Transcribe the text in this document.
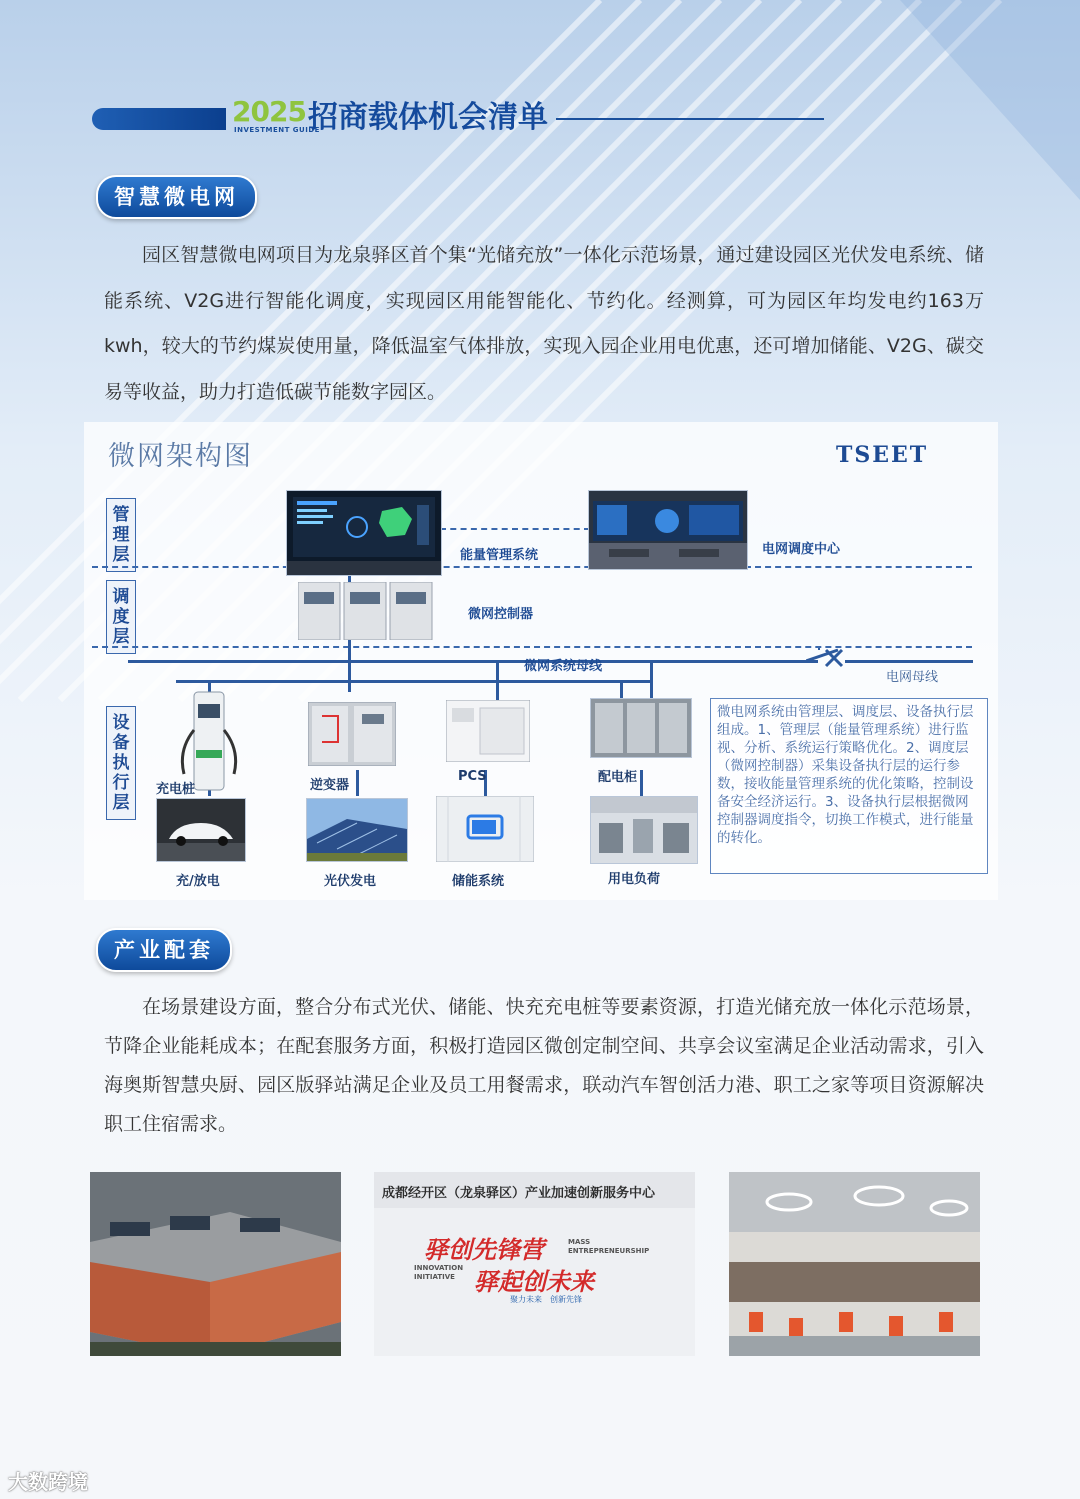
2025
INVESTMENT GUIDE
招商载体机会清单
智慧微电网

园区智慧微电网项目为龙泉驿区首个集“光储充放”一体化示范场景，通过建设园区光伏发电系统、储能系统、V2G进行智能化调度，实现园区用能智能化、节约化。经测算，可为园区年均发电约163万kwh，较大的节约煤炭使用量，降低温室气体排放，实现入园企业用电优惠，还可增加储能、V2G、碳交易等收益，助力打造低碳节能数字园区。

微网架构图	TSEET
管理层
调度层
设备执行层
能量管理系统	电网调度中心
微网控制器
微网系统母线
电网母线
充电桩	逆变器
PCS	配电柜
充/放电	光伏发电	储能系统	用电负荷
微电网系统由管理层、调度层、设备执行层组成。1、管理层（能量管理系统）进行监视、分析、系统运行策略优化。2、调度层（微网控制器）采集设备执行层的运行参数，接收能量管理系统的优化策略，控制设备安全经济运行。3、设备执行层根据微网控制器调度指令，切换工作模式，进行能量的转化。
产业配套

在场景建设方面，整合分布式光伏、储能、快充充电桩等要素资源，打造光储充放一体化示范场景，节降企业能耗成本；在配套服务方面，积极打造园区微创定制空间、共享会议室满足企业活动需求，引入海奥斯智慧央厨、园区版驿站满足企业及员工用餐需求，联动汽车智创活力港、职工之家等项目资源解决职工住宿需求。

成都经开区（龙泉驿区）产业加速创新服务中心
驿创先锋营
驿起创未来
MASS ENTREPRENEURSHIP
INNOVATION INITIATIVE
聚力未来　创新先锋
大数跨境
